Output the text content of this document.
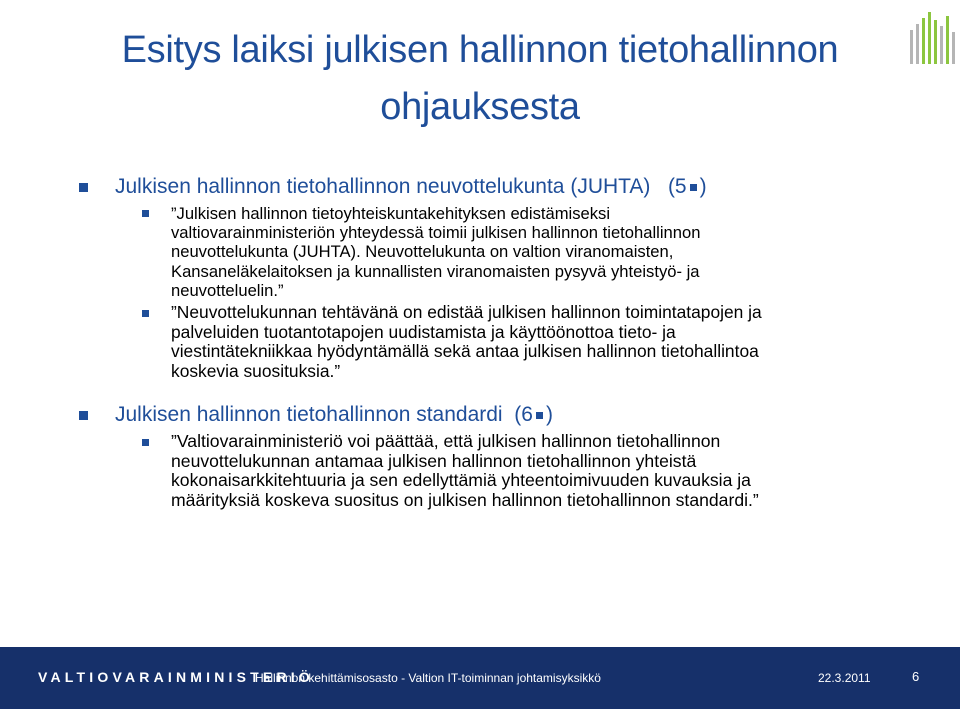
Esitys laiksi julkisen hallinnon tietohallinnon ohjauksesta
Julkisen hallinnon tietohallinnon neuvottelukunta (JUHTA) (5 )
”Julkisen hallinnon tietoyhteiskuntakehityksen edistämiseksi
valtiovarainministeriön yhteydessä toimii julkisen hallinnon tietohallinnon
neuvottelukunta (JUHTA). Neuvottelukunta on valtion viranomaisten,
Kansaneläkelaitoksen ja kunnallisten viranomaisten pysyvä yhteistyö- ja
neuvotteluelin.”
”Neuvottelukunnan tehtävänä on edistää julkisen hallinnon toimintatapojen ja
palveluiden tuotantotapojen uudistamista ja käyttöönottoa tieto- ja
viestintätekniikkaa hyödyntämällä sekä antaa julkisen hallinnon tietohallintoa
koskevia suosituksia.”
Julkisen hallinnon tietohallinnon standardi (6 )
”Valtiovarainministeriö voi päättää, että julkisen hallinnon tietohallinnon
neuvottelukunnan antamaa julkisen hallinnon tietohallinnon yhteistä
kokonaisarkkitehtuuria ja sen edellyttämiä yhteentoimivuuden kuvauksia ja
määrityksiä koskeva suositus on julkisen hallinnon tietohallinnon standardi.”
VALTIOVARAINMINISTERIÖ
Hallinnon kehittämisosasto - Valtion IT-toiminnan johtamisyksikkö	22.3.2011	6
